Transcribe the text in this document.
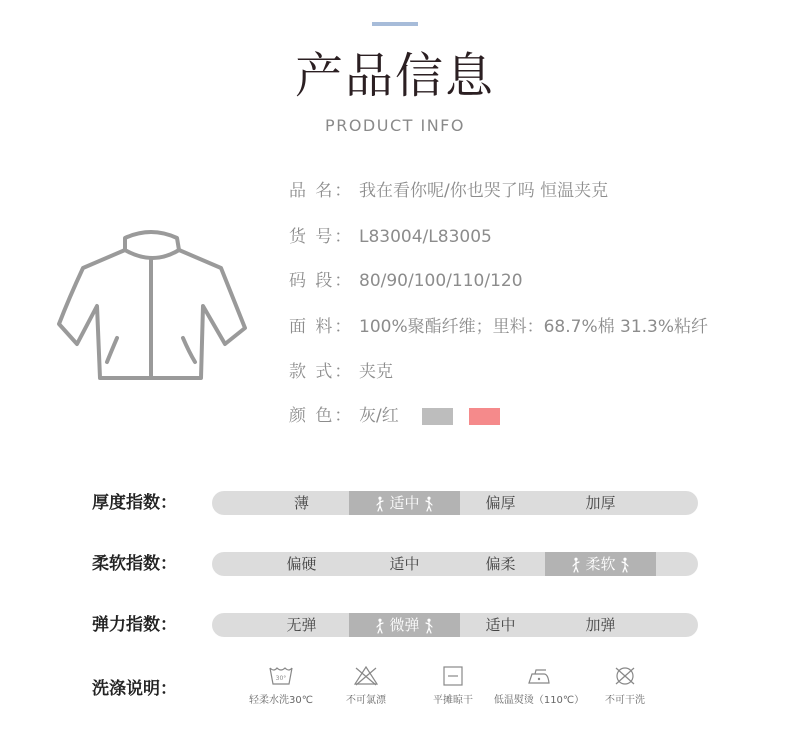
产品信息
PRODUCT INFO
品 名： 我在看你呢/你也哭了吗 恒温夹克
货 号： L83004/L83005
码 段： 80/90/100/110/120
面 料： 100%聚酯纤维；里料：68.7%棉 31.3%粘纤
款 式： 夹克
颜 色： 灰/红
厚度指数：	薄	适中	偏厚	加厚
柔软指数：	偏硬	适中	偏柔	柔软
弹力指数：	无弹	微弹	适中	加弹
洗涤说明：
30°
轻柔水洗30℃	不可氯漂	平摊晾干	低温熨烫（110℃）	不可干洗
